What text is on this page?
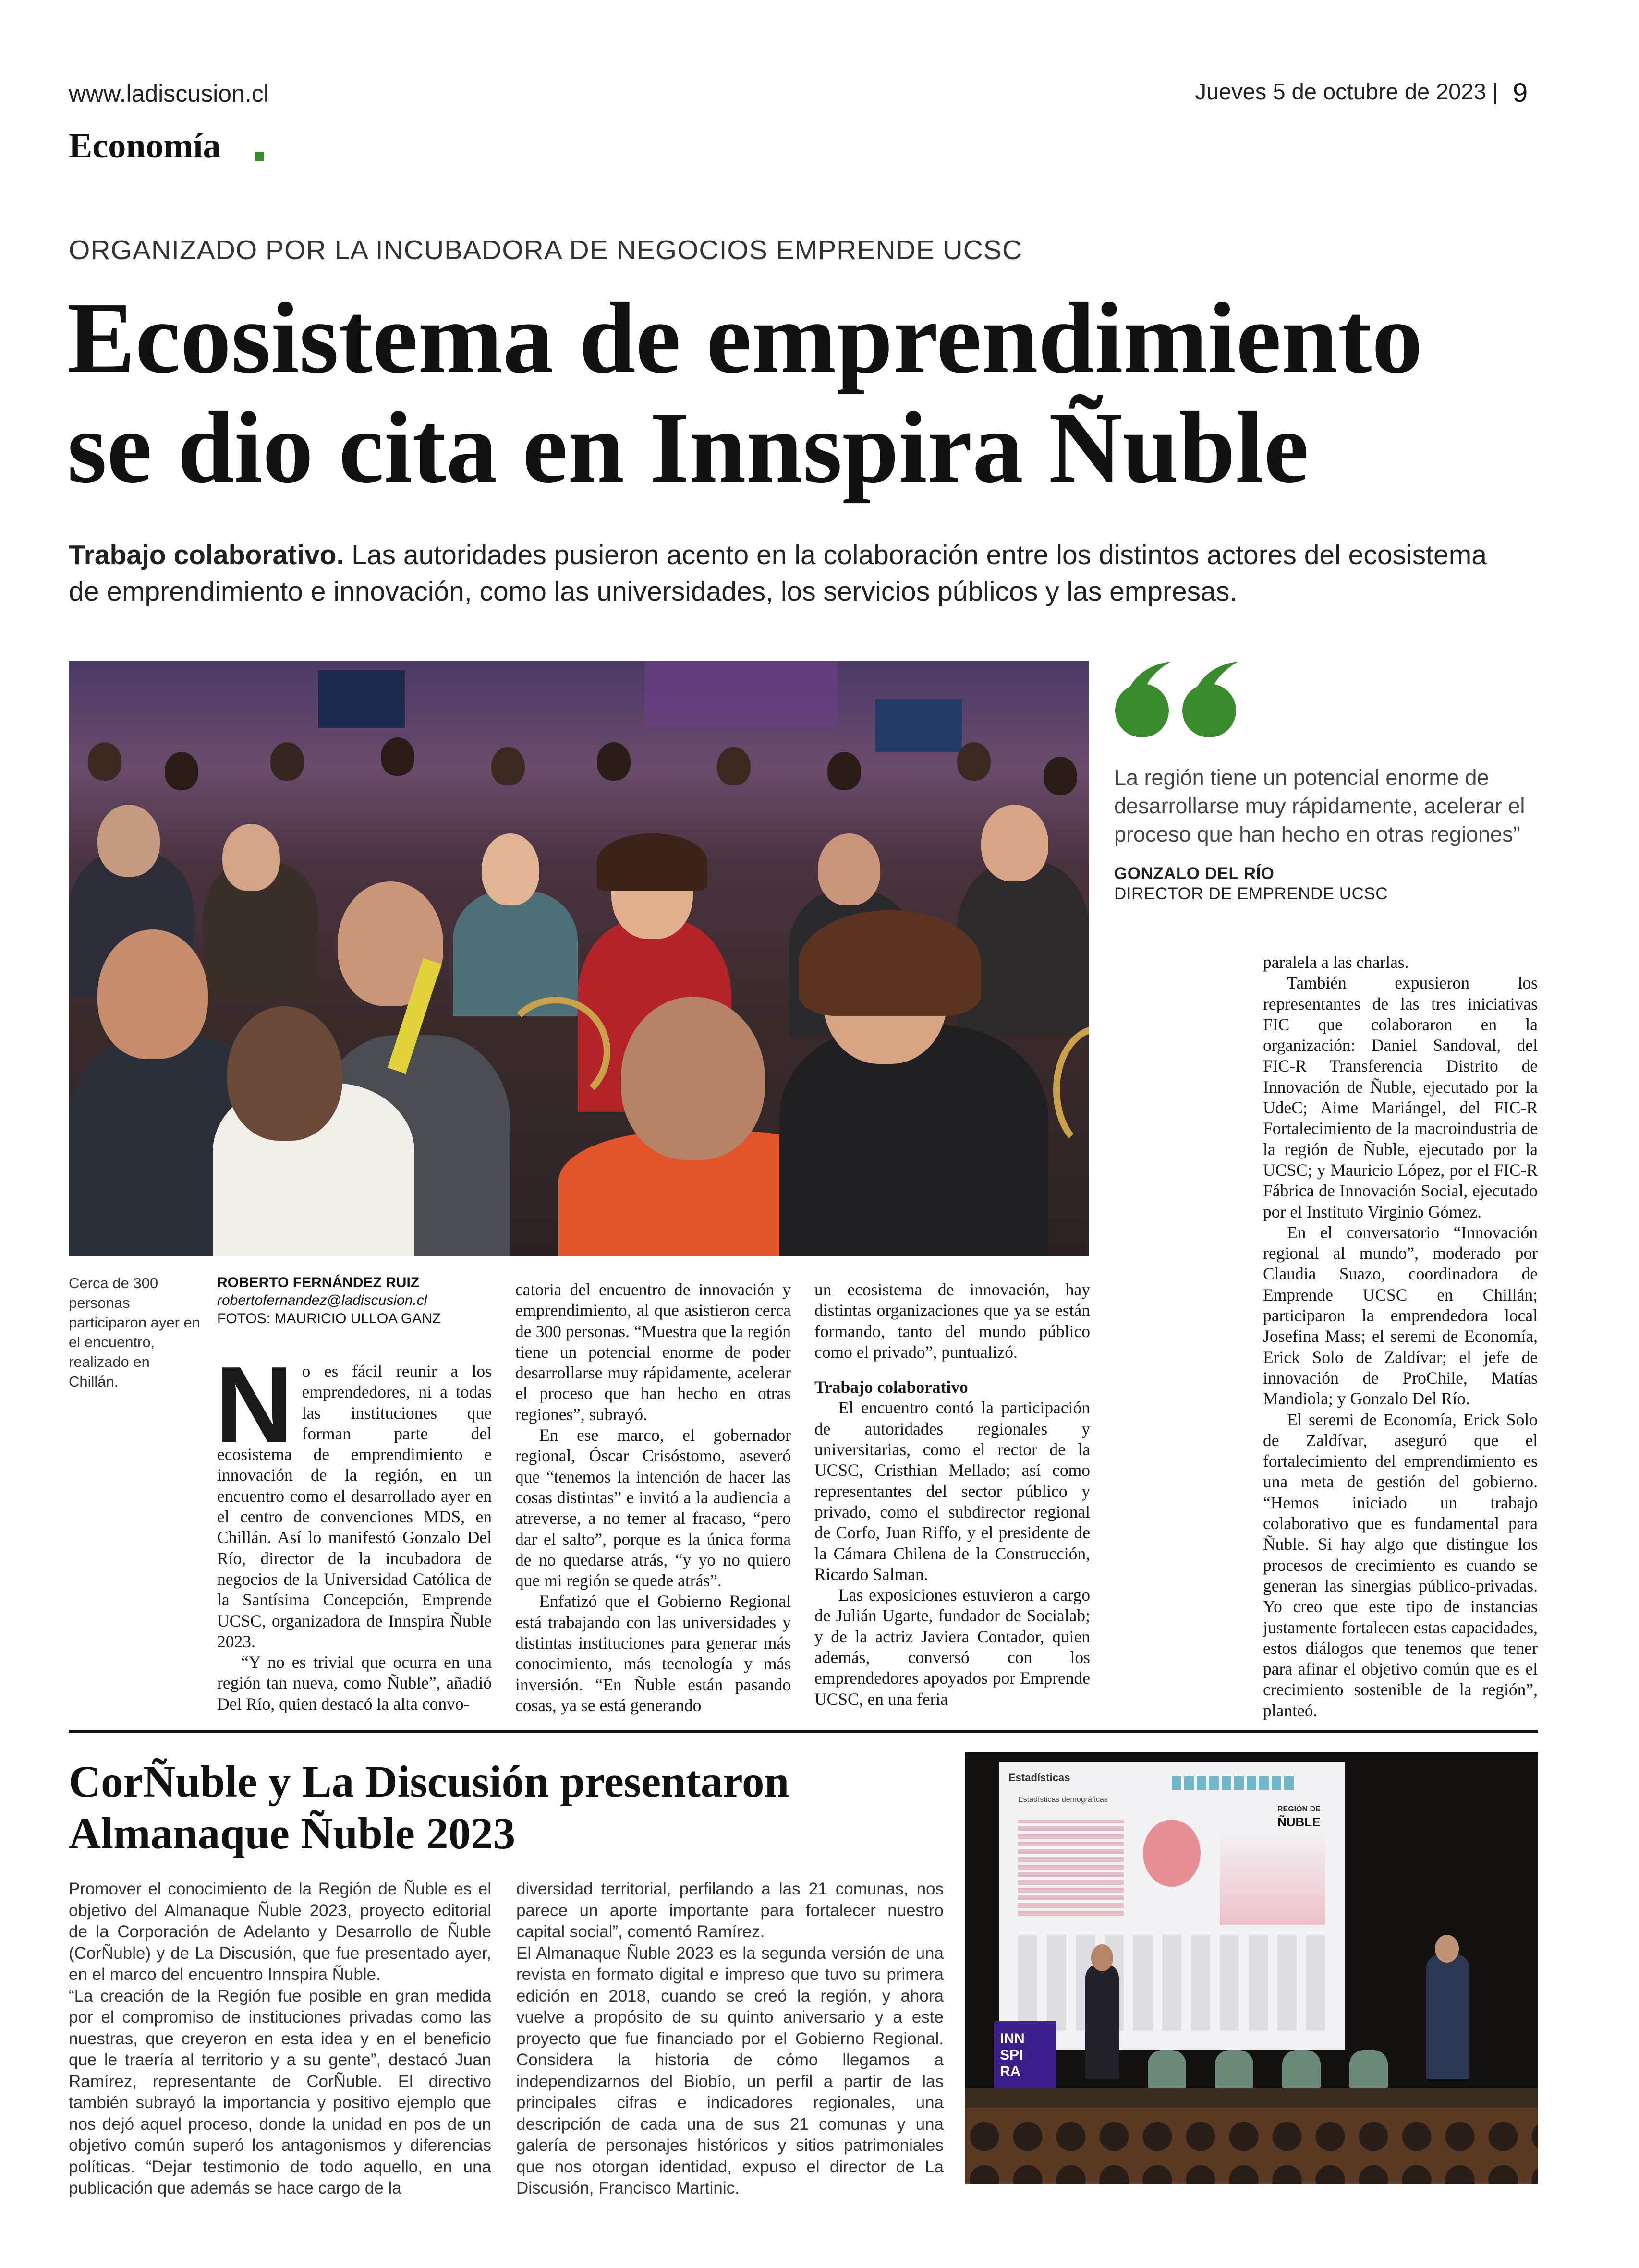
www.ladiscusion.cl	Jueves 5 de octubre de 2023 | 9
Economía
ORGANIZADO POR LA INCUBADORA DE NEGOCIOS EMPRENDE UCSC
Ecosistema de emprendimiento
se dio cita en Innspira Ñuble
Trabajo colaborativo. Las autoridades pusieron acento en la colaboración entre los distintos actores del ecosistema de emprendimiento e innovación, como las universidades, los servicios públicos y las empresas.
La región tiene un potencial enorme de desarrollarse muy rápidamente, acelerar el proceso que han hecho en otras regiones”
GONZALO DEL RÍO
DIRECTOR DE EMPRENDE UCSC
Cerca de 300 personas participaron ayer en el encuentro, realizado en Chillán.
ROBERTO FERNÁNDEZ RUIZ
robertofernandez@ladiscusion.cl
FOTOS: MAURICIO ULLOA GANZ
N o es fácil reunir a los emprendedores, ni a todas las instituciones que forman parte del ecosistema de emprendimiento e innovación de la región, en un encuentro como el desarrollado ayer en el centro de convenciones MDS, en Chillán. Así lo manifestó Gonzalo Del Río, director de la incubadora de negocios de la Universidad Católica de la Santísima Concepción, Emprende UCSC, organizadora de Innspira Ñuble 2023.

“Y no es trivial que ocurra en una región tan nueva, como Ñuble”, añadió Del Río, quien destacó la alta convo-

catoria del encuentro de innovación y emprendimiento, al que asistieron cerca de 300 personas. “Muestra que la región tiene un potencial enorme de poder desarrollarse muy rápidamente, acelerar el proceso que han hecho en otras regiones”, subrayó.

En ese marco, el gobernador regional, Óscar Crisóstomo, aseveró que “tenemos la intención de hacer las cosas distintas” e invitó a la audiencia a atreverse, a no temer al fracaso, “pero dar el salto”, porque es la única forma de no quedarse atrás, “y yo no quiero que mi región se quede atrás”.

Enfatizó que el Gobierno Regional está trabajando con las universidades y distintas instituciones para generar más conocimiento, más tecnología y más inversión. “En Ñuble están pasando cosas, ya se está generando

un ecosistema de innovación, hay distintas organizaciones que ya se están formando, tanto del mundo público como el privado”, puntualizó.

Trabajo colaborativo

El encuentro contó la participación de autoridades regionales y universitarias, como el rector de la UCSC, Cristhian Mellado; así como representantes del sector público y privado, como el subdirector regional de Corfo, Juan Riffo, y el presidente de la Cámara Chilena de la Construcción, Ricardo Salman.

Las exposiciones estuvieron a cargo de Julián Ugarte, fundador de Socialab; y de la actriz Javiera Contador, quien además, conversó con los emprendedores apoyados por Emprende UCSC, en una feria

paralela a las charlas.

También expusieron los representantes de las tres iniciativas FIC que colaboraron en la organización: Daniel Sandoval, del FIC-R Transferencia Distrito de Innovación de Ñuble, ejecutado por la UdeC; Aime Mariángel, del FIC-R Fortalecimiento de la macroindustria de la región de Ñuble, ejecutado por la UCSC; y Mauricio López, por el FIC-R Fábrica de Innovación Social, ejecutado por el Instituto Virginio Gómez.

En el conversatorio “Innovación regional al mundo”, moderado por Claudia Suazo, coordinadora de Emprende UCSC en Chillán; participaron la emprendedora local Josefina Mass; el seremi de Economía, Erick Solo de Zaldívar; el jefe de innovación de ProChile, Matías Mandiola; y Gonzalo Del Río.

El seremi de Economía, Erick Solo de Zaldívar, aseguró que el fortalecimiento del emprendimiento es una meta de gestión del gobierno. “Hemos iniciado un trabajo colaborativo que es fundamental para Ñuble. Si hay algo que distingue los procesos de crecimiento es cuando se generan las sinergias público-privadas. Yo creo que este tipo de instancias justamente fortalecen estas capacidades, estos diálogos que tenemos que tener para afinar el objetivo común que es el crecimiento sostenible de la región”, planteó.

CorÑuble y La Discusión presentaron
Almanaque Ñuble 2023

Promover el conocimiento de la Región de Ñuble es el objetivo del Almanaque Ñuble 2023, proyecto editorial de la Corporación de Adelanto y Desarrollo de Ñuble (CorÑuble) y de La Discusión, que fue presentado ayer, en el marco del encuentro Innspira Ñuble.

“La creación de la Región fue posible en gran medida por el compromiso de instituciones privadas como las nuestras, que creyeron en esta idea y en el beneficio que le traería al territorio y a su gente”, destacó Juan Ramírez, representante de CorÑuble. El directivo también subrayó la importancia y positivo ejemplo que nos dejó aquel proceso, donde la unidad en pos de un objetivo común superó los antagonismos y diferencias políticas. “Dejar testimonio de todo aquello, en una publicación que además se hace cargo de la

diversidad territorial, perfilando a las 21 comunas, nos parece un aporte importante para fortalecer nuestro capital social”, comentó Ramírez.

El Almanaque Ñuble 2023 es la segunda versión de una revista en formato digital e impreso que tuvo su primera edición en 2018, cuando se creó la región, y ahora vuelve a propósito de su quinto aniversario y a este proyecto que fue financiado por el Gobierno Regional. Considera la historia de cómo llegamos a independizarnos del Biobío, un perfil a partir de las principales cifras e indicadores regionales, una descripción de cada una de sus 21 comunas y una galería de personajes históricos y sitios patrimoniales que nos otorgan identidad, expuso el director de La Discusión, Francisco Martinic.

Estadísticas
Estadísticas demográficas
REGIÓN DE
ÑUBLE
INN SPI RA
